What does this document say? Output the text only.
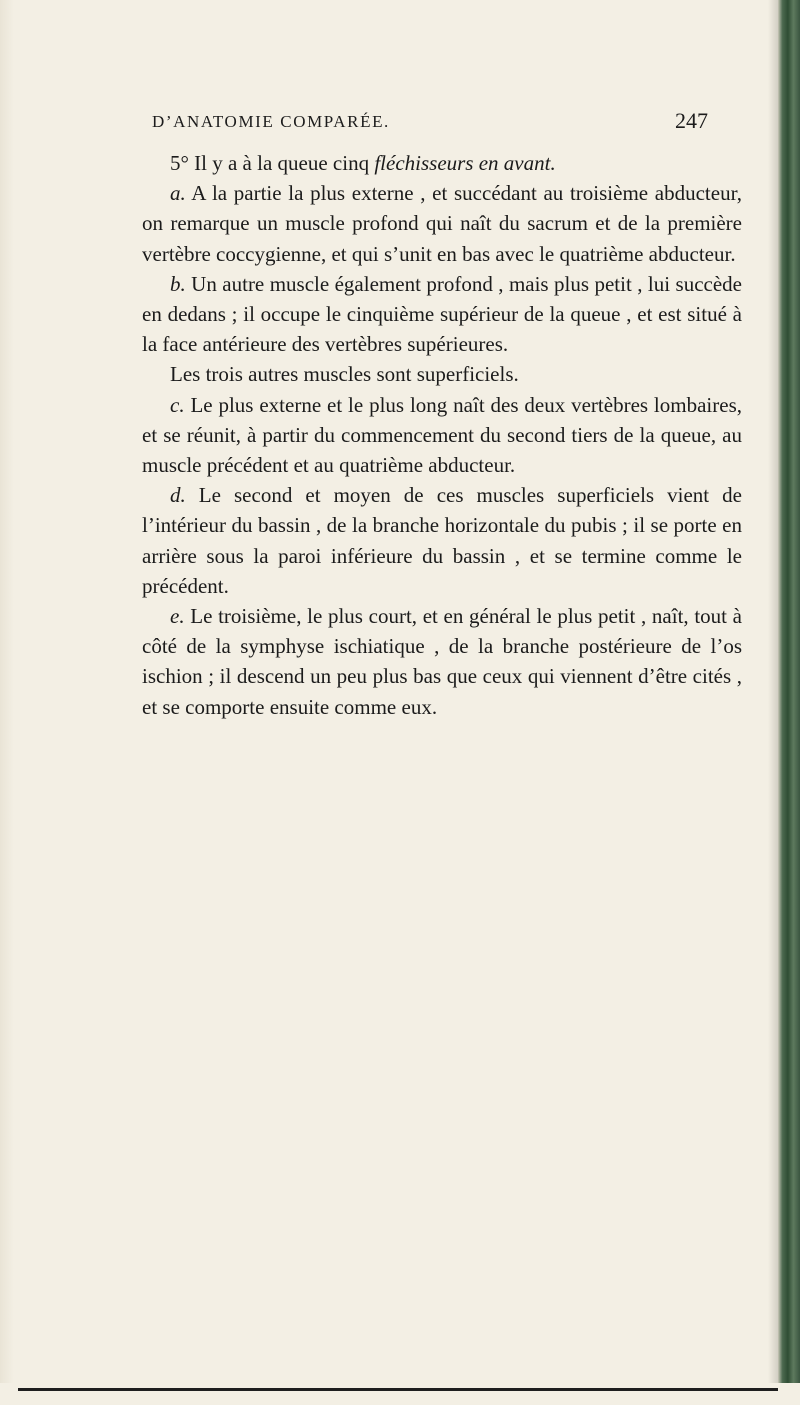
D’ANATOMIE COMPARÉE.	247

5° Il y a à la queue cinq fléchisseurs en avant.

a. A la partie la plus externe , et succédant au troisième abducteur, on remarque un muscle profond qui naît du sacrum et de la première vertèbre coccygienne, et qui s’unit en bas avec le quatrième abducteur.

b. Un autre muscle également profond , mais plus petit , lui succède en dedans ; il occupe le cinquième supérieur de la queue , et est situé à la face antérieure des vertèbres supérieures.

Les trois autres muscles sont superficiels.

c. Le plus externe et le plus long naît des deux vertèbres lombaires, et se réunit, à partir du commencement du second tiers de la queue, au muscle précédent et au quatrième abducteur.

d. Le second et moyen de ces muscles superficiels vient de l’intérieur du bassin , de la branche horizontale du pubis ; il se porte en arrière sous la paroi inférieure du bassin , et se termine comme le précédent.

e. Le troisième, le plus court, et en général le plus petit , naît, tout à côté de la symphyse ischiatique , de la branche postérieure de l’os ischion ; il descend un peu plus bas que ceux qui viennent d’être cités , et se comporte ensuite comme eux.
